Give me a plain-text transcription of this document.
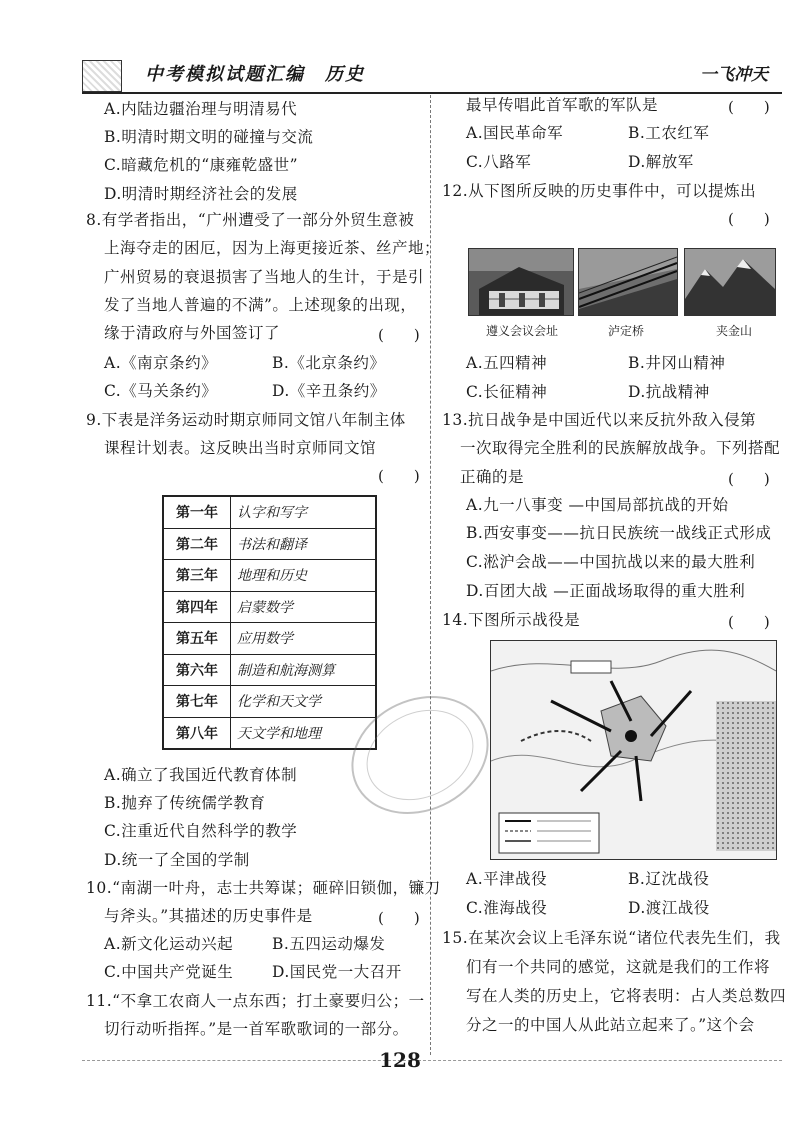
中考模拟试题汇编　历史	一飞冲天
A.内陆边疆治理与明清易代
B.明清时期文明的碰撞与交流
C.暗藏危机的“康雍乾盛世”
D.明清时期经济社会的发展
8.有学者指出，“广州遭受了一部分外贸生意被
上海夺走的困厄，因为上海更接近茶、丝产地；
广州贸易的衰退损害了当地人的生计，于是引
发了当地人普遍的不满”。上述现象的出现，
缘于清政府与外国签订了	(　　)
A.《南京条约》	B.《北京条约》
C.《马关条约》	D.《辛丑条约》
9.下表是洋务运动时期京师同文馆八年制主体
课程计划表。这反映出当时京师同文馆
(　　)
第一年	认字和写字
第二年	书法和翻译
第三年	地理和历史
第四年	启蒙数学
第五年	应用数学
第六年	制造和航海测算
第七年	化学和天文学
第八年	天文学和地理
A.确立了我国近代教育体制
B.抛弃了传统儒学教育
C.注重近代自然科学的教学
D.统一了全国的学制
10.“南湖一叶舟，志士共筹谋；砸碎旧锁伽，镰刀
与斧头。”其描述的历史事件是	(　　)
A.新文化运动兴起	B.五四运动爆发
C.中国共产党诞生	D.国民党一大召开
11.“不拿工农商人一点东西；打土豪要归公；一
切行动听指挥。”是一首军歌歌词的一部分。
最早传唱此首军歌的军队是	(　　)
A.国民革命军	B.工农红军
C.八路军	D.解放军
12.从下图所反映的历史事件中，可以提炼出
(　　)
遵义会议会址	泸定桥	夹金山
A.五四精神	B.井冈山精神
C.长征精神	D.抗战精神
13.抗日战争是中国近代以来反抗外敌入侵第
一次取得完全胜利的民族解放战争。下列搭配
正确的是	(　　)
A.九一八事变 —中国局部抗战的开始
B.西安事变——抗日民族统一战线正式形成
C.淞沪会战——中国抗战以来的最大胜利
D.百团大战 —正面战场取得的重大胜利
14.下图所示战役是	(　　)
A.平津战役	B.辽沈战役
C.淮海战役	D.渡江战役
15.在某次会议上毛泽东说“诸位代表先生们，我
们有一个共同的感觉，这就是我们的工作将
写在人类的历史上，它将表明：占人类总数四
分之一的中国人从此站立起来了。”这个会
128
